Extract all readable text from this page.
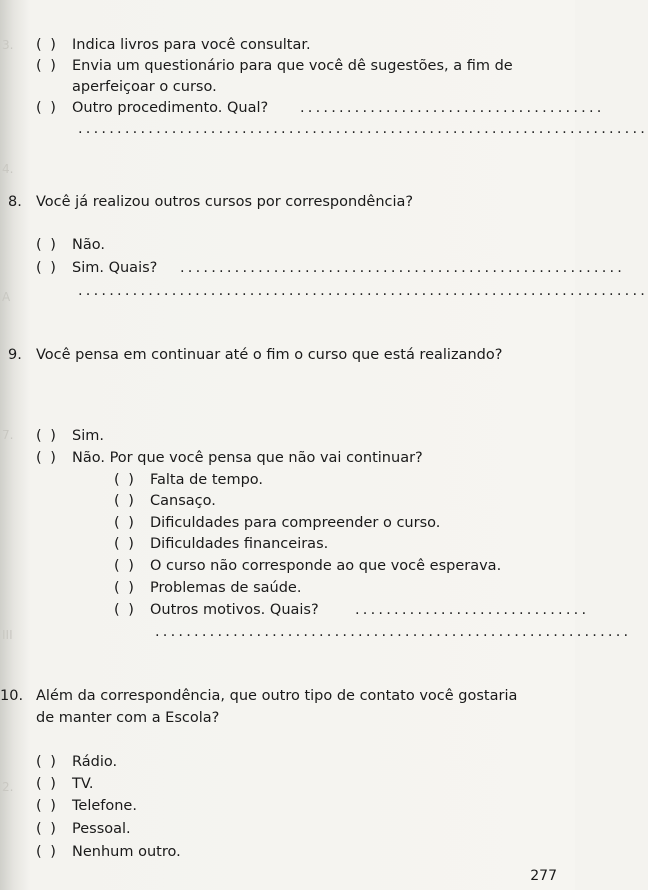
3.
4.
A
7.
III
2.
( ) Indica livros para você consultar.
( ) Envia um questionário para que você dê sugestões, a fim de
aperfeiçoar o curso.
( ) Outro procedimento. Qual? .......................................
.........................................................................
8. Você já realizou outros cursos por correspondência?
( ) Não.
( ) Sim. Quais? .........................................................
.........................................................................
9. Você pensa em continuar até o fim o curso que está realizando?
( ) Sim.
( ) Não. Por que você pensa que não vai continuar?
( ) Falta de tempo.
( ) Cansaço.
( ) Dificuldades para compreender o curso.
( ) Dificuldades financeiras.
( ) O curso não corresponde ao que você esperava.
( ) Problemas de saúde.
( ) Outros motivos. Quais?	..............................
.............................................................
10. Além da correspondência, que outro tipo de contato você gostaria
de manter com a Escola?
( ) Rádio.
( ) TV.
( ) Telefone.
( ) Pessoal.
( ) Nenhum outro.
277
